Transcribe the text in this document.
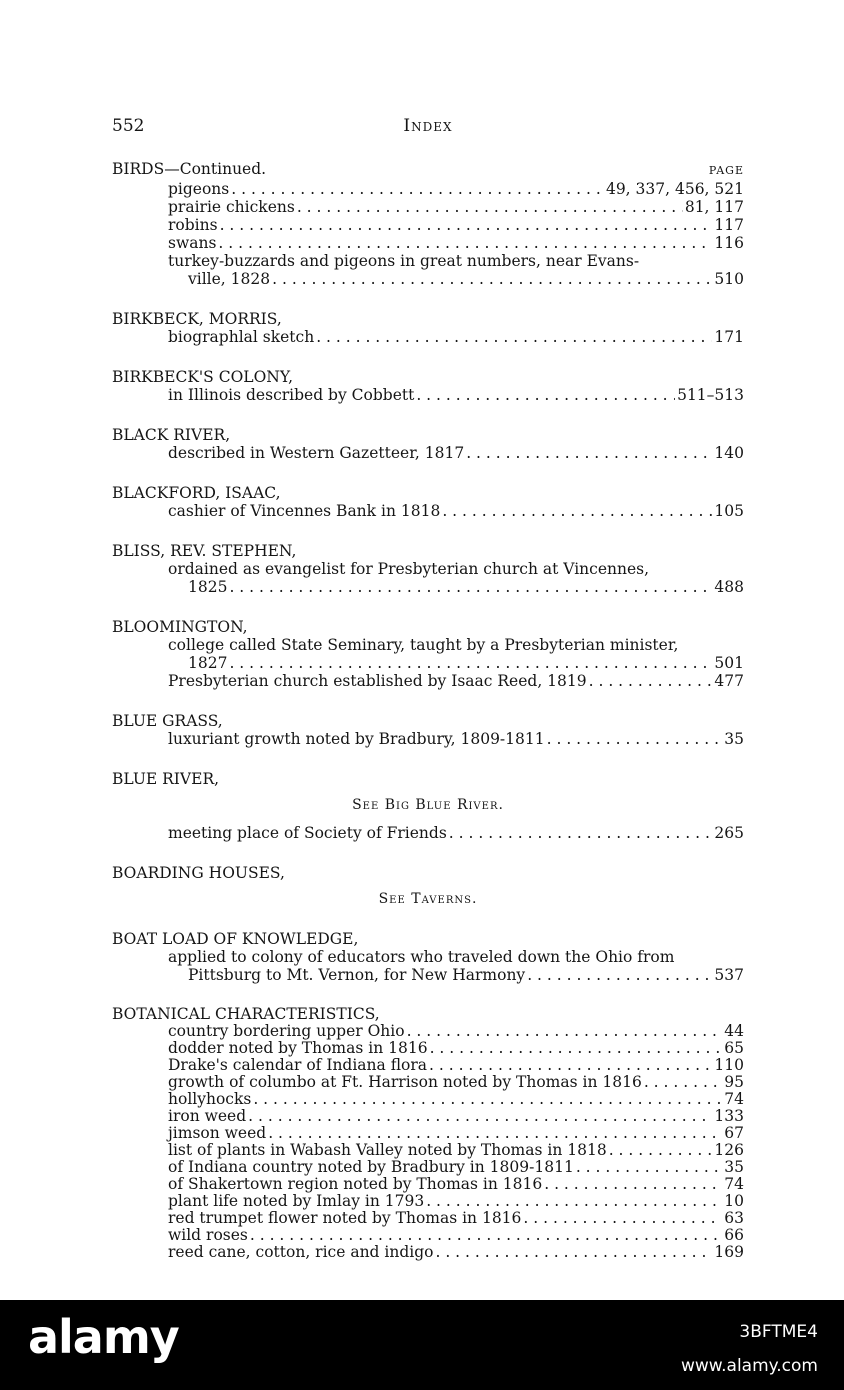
552	Index
BIRDS—Continued.	PAGE
pigeons . . .	49, 337, 456, 521
prairie chickens . . .	81, 117
robins . . .	117
swans . . .	116
turkey-buzzards and pigeons in great numbers, near Evans-
ville, 1828 . . .	510
BIRKBECK, MORRIS,
biographlal sketch . . .	171
BIRKBECK'S COLONY,
in Illinois described by Cobbett . . .	511–513
BLACK RIVER,
described in Western Gazetteer, 1817 . . .	140
BLACKFORD, ISAAC,
cashier of Vincennes Bank in 1818 . . .	105
BLISS, REV. STEPHEN,
ordained as evangelist for Presbyterian church at Vincennes,
1825 . . .	488
BLOOMINGTON,
college called State Seminary, taught by a Presbyterian minister,
1827 . . .	501
Presbyterian church established by Isaac Reed, 1819 . . .	477
BLUE GRASS,
luxuriant growth noted by Bradbury, 1809-1811 . . .	35
BLUE RIVER,
See Big Blue River.
meeting place of Society of Friends . . .	265
BOARDING HOUSES,
See Taverns.
BOAT LOAD OF KNOWLEDGE,
applied to colony of educators who traveled down the Ohio from
Pittsburg to Mt. Vernon, for New Harmony . . .	537
BOTANICAL CHARACTERISTICS,
country bordering upper Ohio . . .	44
dodder noted by Thomas in 1816 . . .	65
Drake's calendar of Indiana flora . . .	110
growth of columbo at Ft. Harrison noted by Thomas in 1816 . . .	95
hollyhocks . . .	74
iron weed . . .	133
jimson weed . . .	67
list of plants in Wabash Valley noted by Thomas in 1818 . . .	126
of Indiana country noted by Bradbury in 1809-1811 . . .	35
of Shakertown region noted by Thomas in 1816 . . .	74
plant life noted by Imlay in 1793 . . .	10
red trumpet flower noted by Thomas in 1816 . . .	63
wild roses . . .	66
reed cane, cotton, rice and indigo . . .	169
alamy	3BFTME4
www.alamy.com
